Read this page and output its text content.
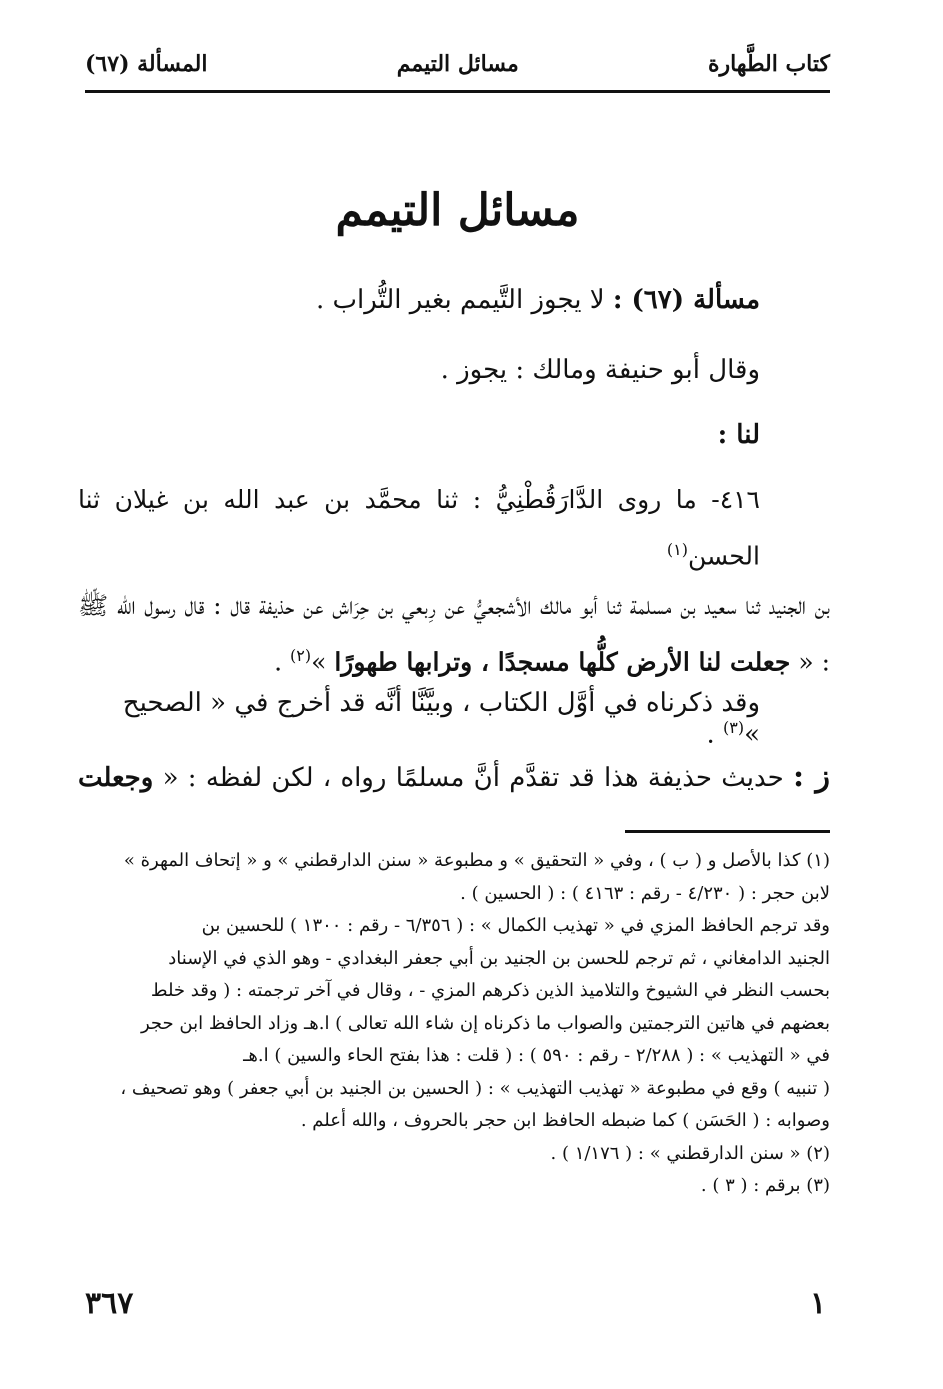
كتاب الطَّهارة
مسائل التيمم
المسألة (٦٧)
مسائل التيمم
مسألة (٦٧) : لا يجوز التَّيمم بغير التُّراب .
وقال أبو حنيفة ومالك : يجوز .
لنا :
٤١٦- ما روى الدَّارَقُطْنِيُّ : ثنا محمَّد بن عبد الله بن غيلان ثنا الحسن$^{(١)}$
بن الجنيد ثنا سعيد بن مسلمة ثنا أبو مالك الأشجعيُّ عن رِبعي بن حِرَاش عن حذيفة قال : قال رسول الله ﷺ : « جعلت لنا الأرض كلُّها مسجدًا ، وترابها طهورًا »$^{(٢)}$ .
وقد ذكرناه في أوَّل الكتاب ، وبيَّنَّا أنَّه قد أخرج في « الصحيح »$^{(٣)}$ .
ز : حديث حذيفة هذا قد تقدَّم أنَّ مسلمًا رواه ، لكن لفظه : « وجعلت
(١) كذا بالأصل و ( ب ) ، وفي « التحقيق » و مطبوعة « سنن الدارقطني » و « إتحاف المهرة »
لابن حجر : ( ٤/٢٣٠ - رقم : ٤١٦٣ ) : ( الحسين ) .
وقد ترجم الحافظ المزي في « تهذيب الكمال » : ( ٦/٣٥٦ - رقم : ١٣٠٠ ) للحسين بن
الجنيد الدامغاني ، ثم ترجم للحسن بن الجنيد بن أبي جعفر البغدادي - وهو الذي في الإسناد
بحسب النظر في الشيوخ والتلاميذ الذين ذكرهم المزي - ، وقال في آخر ترجمته : ( وقد خلط
بعضهم في هاتين الترجمتين والصواب ما ذكرناه إن شاء الله تعالى ) ا.هـ وزاد الحافظ ابن حجر
في « التهذيب » : ( ٢/٢٨٨ - رقم : ٥٩٠ ) : ( قلت : هذا بفتح الحاء والسين ) ا.هـ
( تنبيه ) وقع في مطبوعة « تهذيب التهذيب » : ( الحسين بن الجنيد بن أبي جعفر ) وهو تصحيف ،
وصوابه : ( الحَسَن ) كما ضبطه الحافظ ابن حجر بالحروف ، والله أعلم .
(٢) « سنن الدارقطني » : ( ١/١٧٦ ) .
(٣) برقم : ( ٣ ) .
٣٦٧	١
